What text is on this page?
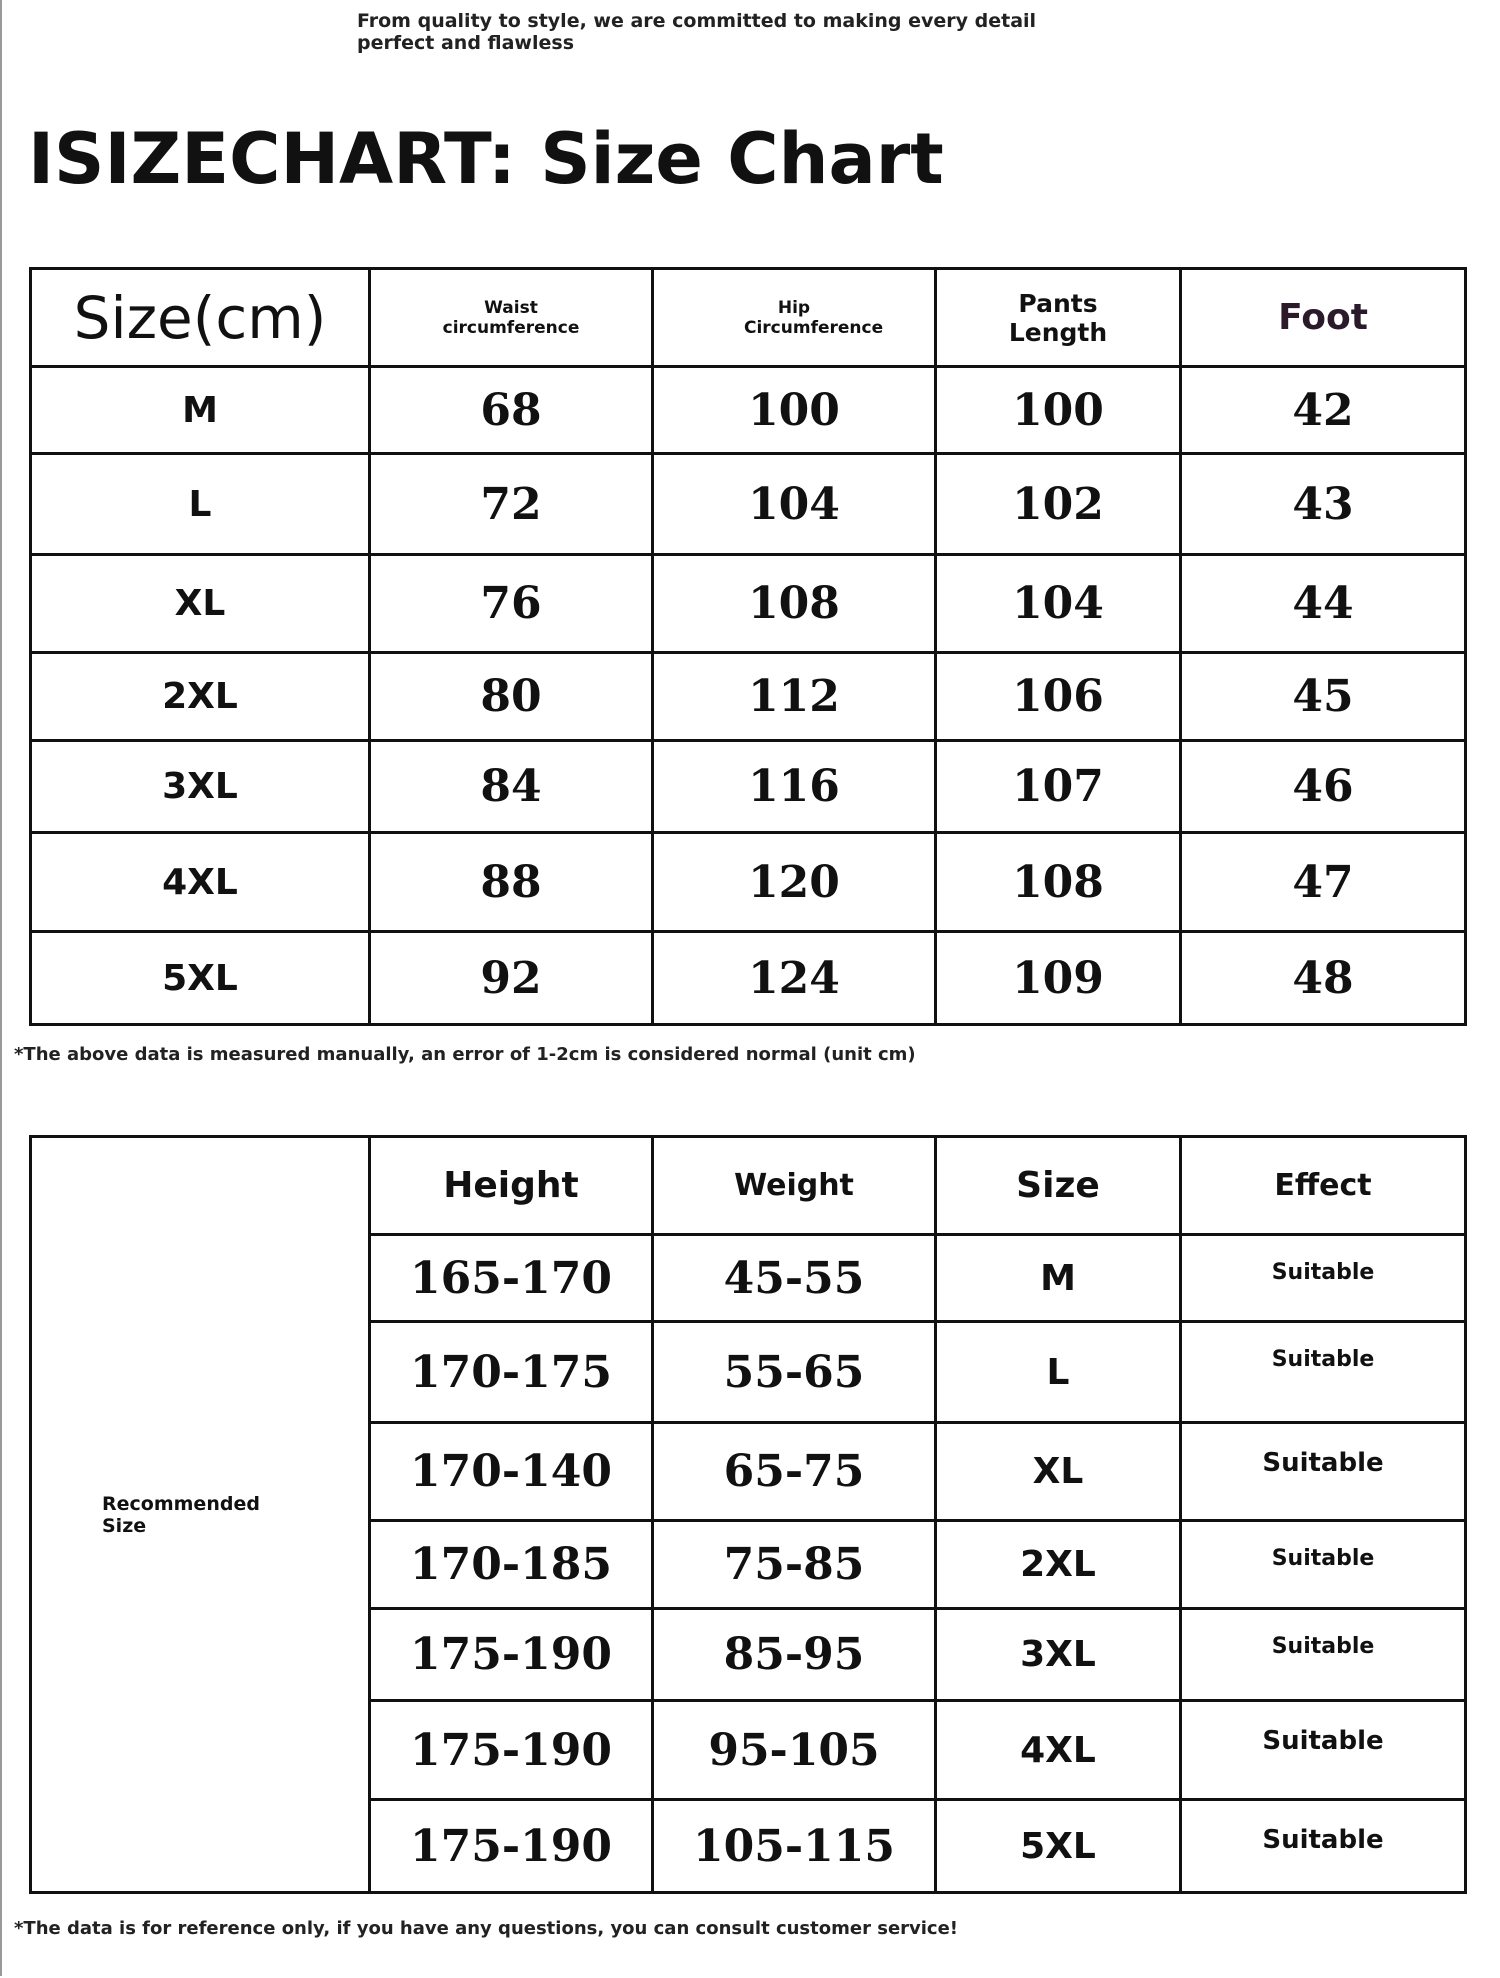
From quality to style, we are committed to making every detail perfect and flawless
ISIZECHART: Size Chart
Size(cm)	Waist circumference	Hip Circumference	Pants Length	Foot
M	68	100	100	42
L	72	104	102	43
XL	76	108	104	44
2XL	80	112	106	45
3XL	84	116	107	46
4XL	88	120	108	47
5XL	92	124	109	48
*The above data is measured manually, an error of 1-2cm is considered normal (unit cm)
Recommended Size	Height	Weight	Size	Effect
	165-170	45-55	M	Suitable
	170-175	55-65	L	Suitable
	170-140	65-75	XL	Suitable
	170-185	75-85	2XL	Suitable
	175-190	85-95	3XL	Suitable
	175-190	95-105	4XL	Suitable
	175-190	105-115	5XL	Suitable
*The data is for reference only, if you have any questions, you can consult customer service!
